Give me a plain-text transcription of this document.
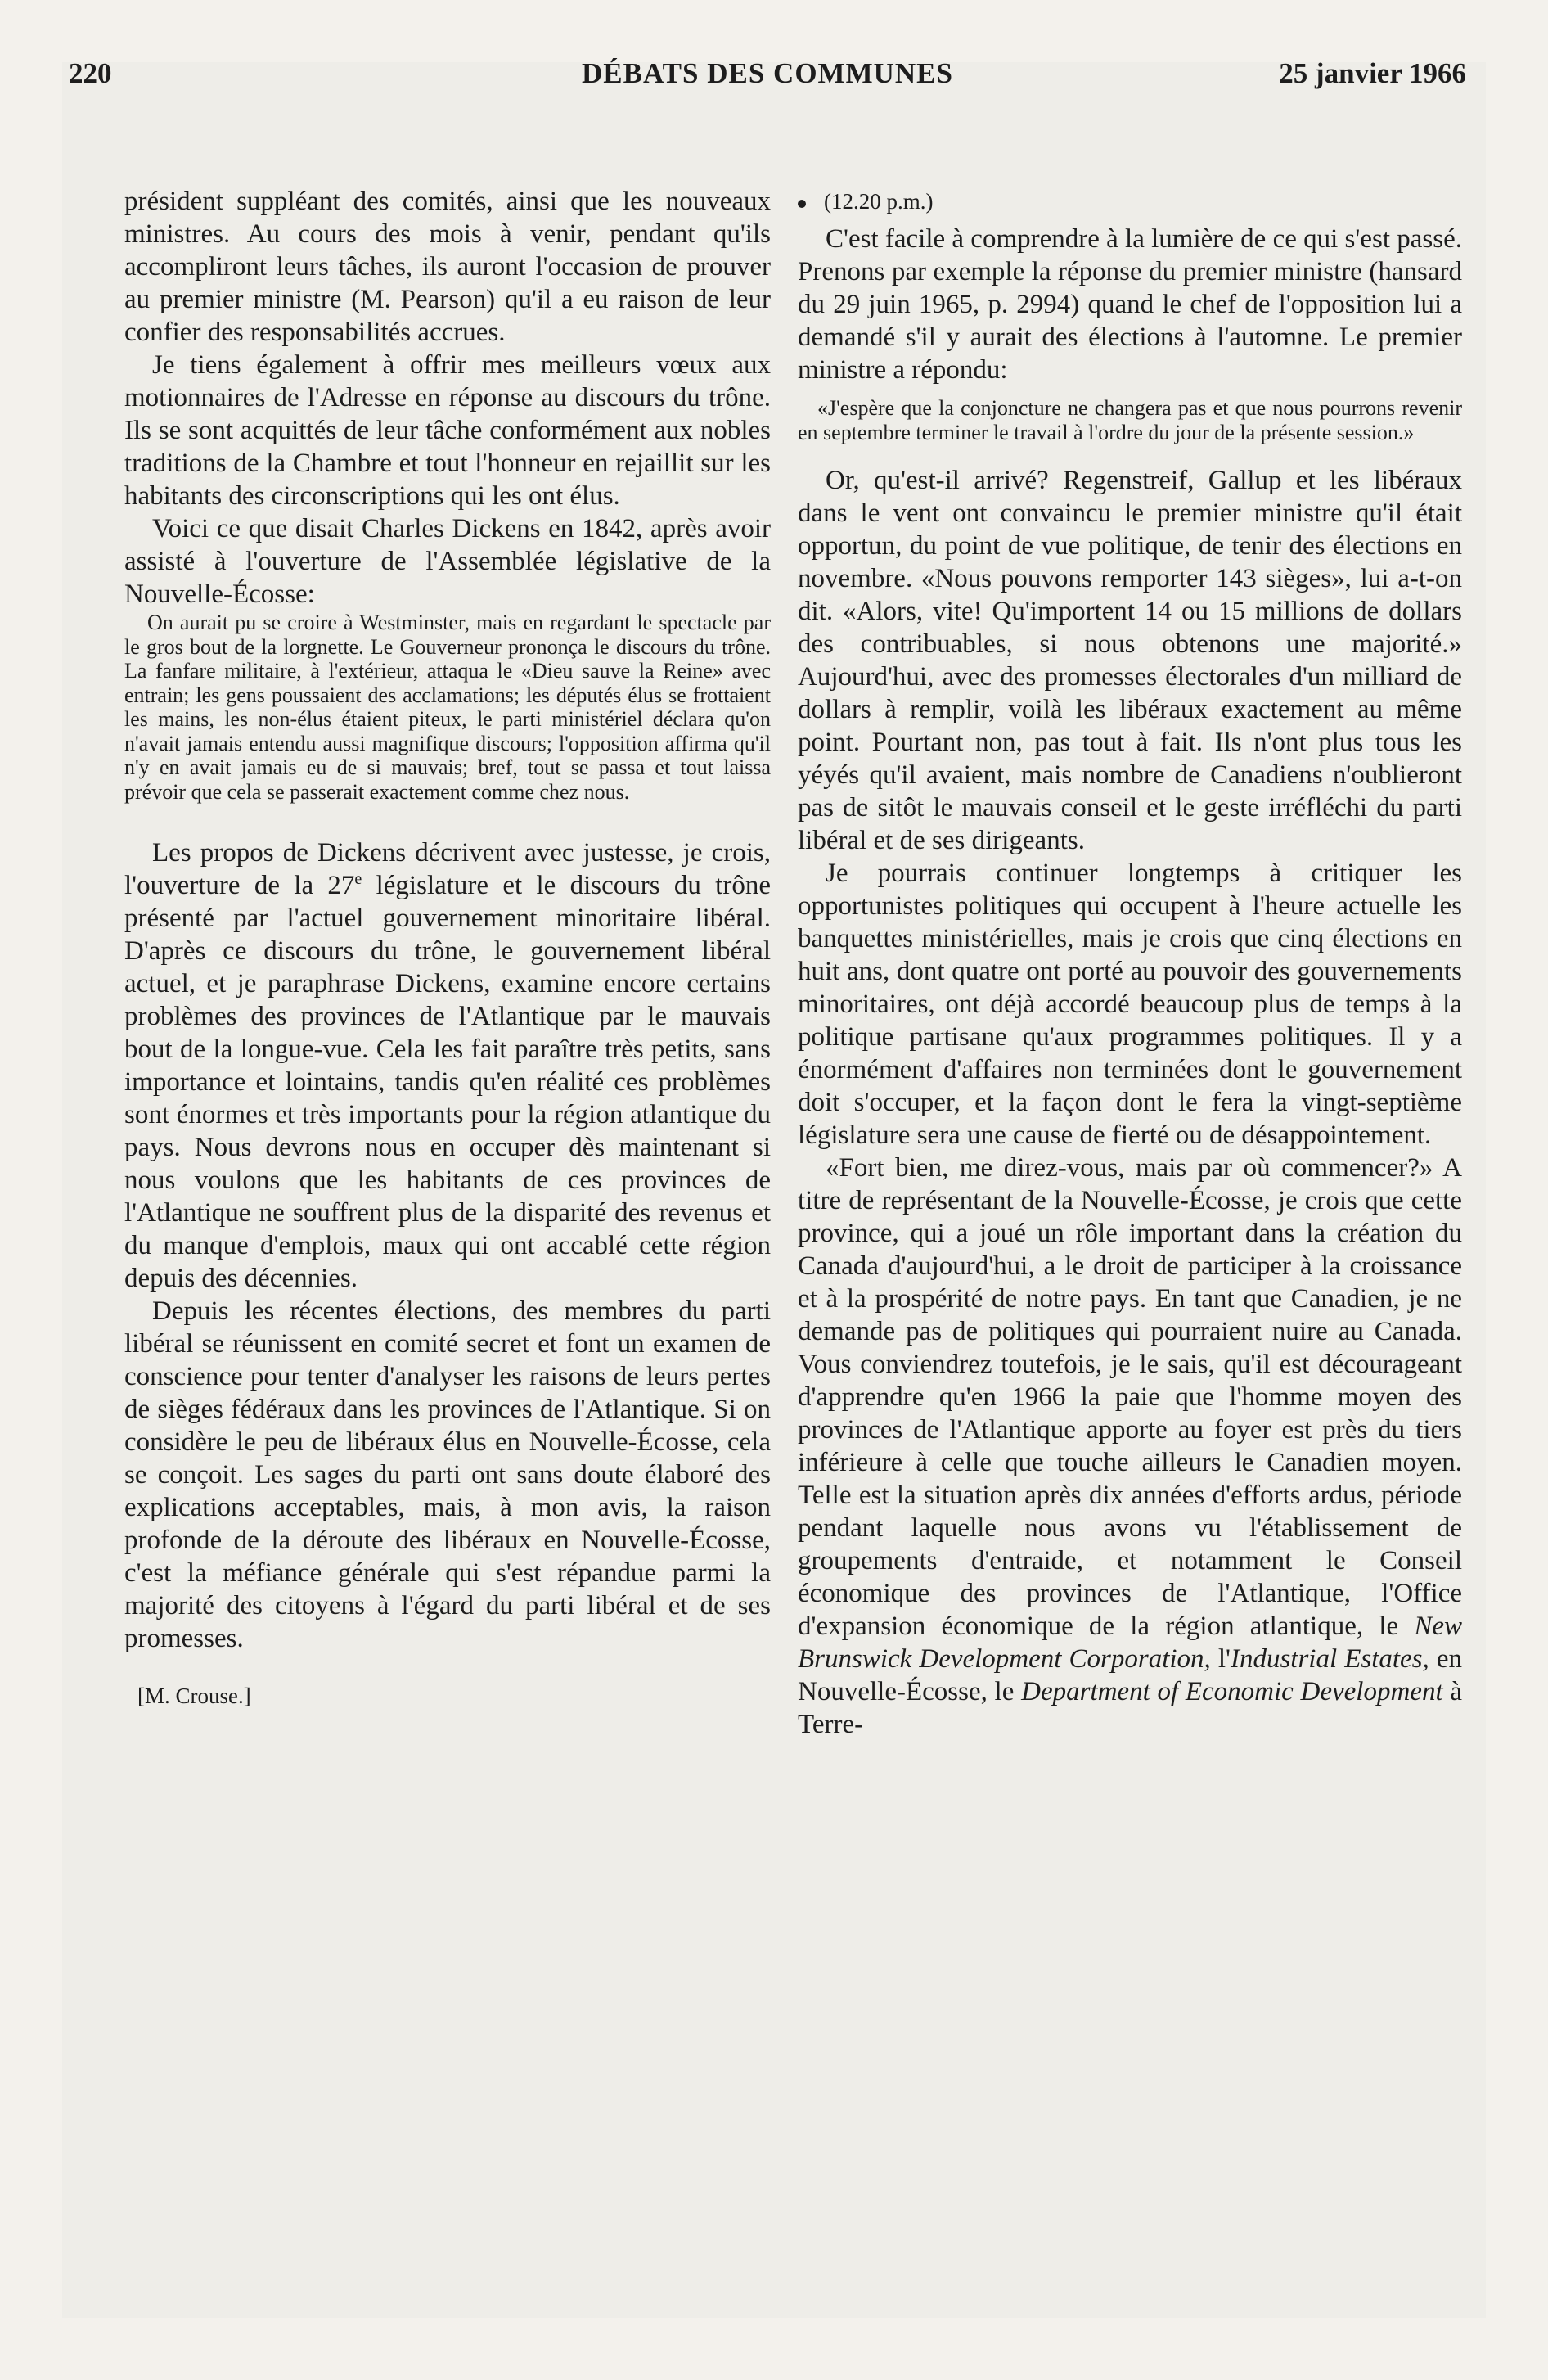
220	DÉBATS DES COMMUNES	25 janvier 1966

président suppléant des comités, ainsi que les nouveaux ministres. Au cours des mois à venir, pendant qu'ils accompliront leurs tâches, ils auront l'occasion de prouver au premier ministre (M. Pearson) qu'il a eu raison de leur confier des responsabilités accrues.

Je tiens également à offrir mes meilleurs vœux aux motionnaires de l'Adresse en réponse au discours du trône. Ils se sont acquittés de leur tâche conformément aux nobles traditions de la Chambre et tout l'honneur en rejaillit sur les habitants des circonscriptions qui les ont élus.

Voici ce que disait Charles Dickens en 1842, après avoir assisté à l'ouverture de l'Assemblée législative de la Nouvelle-Écosse:

On aurait pu se croire à Westminster, mais en regardant le spectacle par le gros bout de la lorgnette. Le Gouverneur prononça le discours du trône. La fanfare militaire, à l'extérieur, attaqua le «Dieu sauve la Reine» avec entrain; les gens poussaient des acclamations; les députés élus se frottaient les mains, les non-élus étaient piteux, le parti ministériel déclara qu'on n'avait jamais entendu aussi magnifique discours; l'opposition affirma qu'il n'y en avait jamais eu de si mauvais; bref, tout se passa et tout laissa prévoir que cela se passerait exactement comme chez nous.

Les propos de Dickens décrivent avec justesse, je crois, l'ouverture de la 27e législature et le discours du trône présenté par l'actuel gouvernement minoritaire libéral. D'après ce discours du trône, le gouvernement libéral actuel, et je paraphrase Dickens, examine encore certains problèmes des provinces de l'Atlantique par le mauvais bout de la longue-vue. Cela les fait paraître très petits, sans importance et lointains, tandis qu'en réalité ces problèmes sont énormes et très importants pour la région atlantique du pays. Nous devrons nous en occuper dès maintenant si nous voulons que les habitants de ces provinces de l'Atlantique ne souffrent plus de la disparité des revenus et du manque d'emplois, maux qui ont accablé cette région depuis des décennies.

Depuis les récentes élections, des membres du parti libéral se réunissent en comité secret et font un examen de conscience pour tenter d'analyser les raisons de leurs pertes de sièges fédéraux dans les provinces de l'Atlantique. Si on considère le peu de libéraux élus en Nouvelle-Écosse, cela se conçoit. Les sages du parti ont sans doute élaboré des explications acceptables, mais, à mon avis, la raison profonde de la déroute des libéraux en Nouvelle-Écosse, c'est la méfiance générale qui s'est répandue parmi la majorité des citoyens à l'égard du parti libéral et de ses promesses.

[M. Crouse.]
(12.20 p.m.)

C'est facile à comprendre à la lumière de ce qui s'est passé. Prenons par exemple la réponse du premier ministre (hansard du 29 juin 1965, p. 2994) quand le chef de l'opposition lui a demandé s'il y aurait des élections à l'automne. Le premier ministre a répondu:

«J'espère que la conjoncture ne changera pas et que nous pourrons revenir en septembre terminer le travail à l'ordre du jour de la présente session.»

Or, qu'est-il arrivé? Regenstreif, Gallup et les libéraux dans le vent ont convaincu le premier ministre qu'il était opportun, du point de vue politique, de tenir des élections en novembre. «Nous pouvons remporter 143 sièges», lui a-t-on dit. «Alors, vite! Qu'importent 14 ou 15 millions de dollars des contribuables, si nous obtenons une majorité.» Aujourd'hui, avec des promesses électorales d'un milliard de dollars à remplir, voilà les libéraux exactement au même point. Pourtant non, pas tout à fait. Ils n'ont plus tous les yéyés qu'il avaient, mais nombre de Canadiens n'oublieront pas de sitôt le mauvais conseil et le geste irréfléchi du parti libéral et de ses dirigeants.

Je pourrais continuer longtemps à critiquer les opportunistes politiques qui occupent à l'heure actuelle les banquettes ministérielles, mais je crois que cinq élections en huit ans, dont quatre ont porté au pouvoir des gouvernements minoritaires, ont déjà accordé beaucoup plus de temps à la politique partisane qu'aux programmes politiques. Il y a énormément d'affaires non terminées dont le gouvernement doit s'occuper, et la façon dont le fera la vingt-septième législature sera une cause de fierté ou de désappointement.

«Fort bien, me direz-vous, mais par où commencer?» A titre de représentant de la Nouvelle-Écosse, je crois que cette province, qui a joué un rôle important dans la création du Canada d'aujourd'hui, a le droit de participer à la croissance et à la prospérité de notre pays. En tant que Canadien, je ne demande pas de politiques qui pourraient nuire au Canada. Vous conviendrez toutefois, je le sais, qu'il est décourageant d'apprendre qu'en 1966 la paie que l'homme moyen des provinces de l'Atlantique apporte au foyer est près du tiers inférieure à celle que touche ailleurs le Canadien moyen. Telle est la situation après dix années d'efforts ardus, période pendant laquelle nous avons vu l'établissement de groupements d'entraide, et notamment le Conseil économique des provinces de l'Atlantique, l'Office d'expansion économique de la région atlantique, le New Brunswick Development Corporation, l'Industrial Estates, en Nouvelle-Écosse, le Department of Economic Development à Terre-
